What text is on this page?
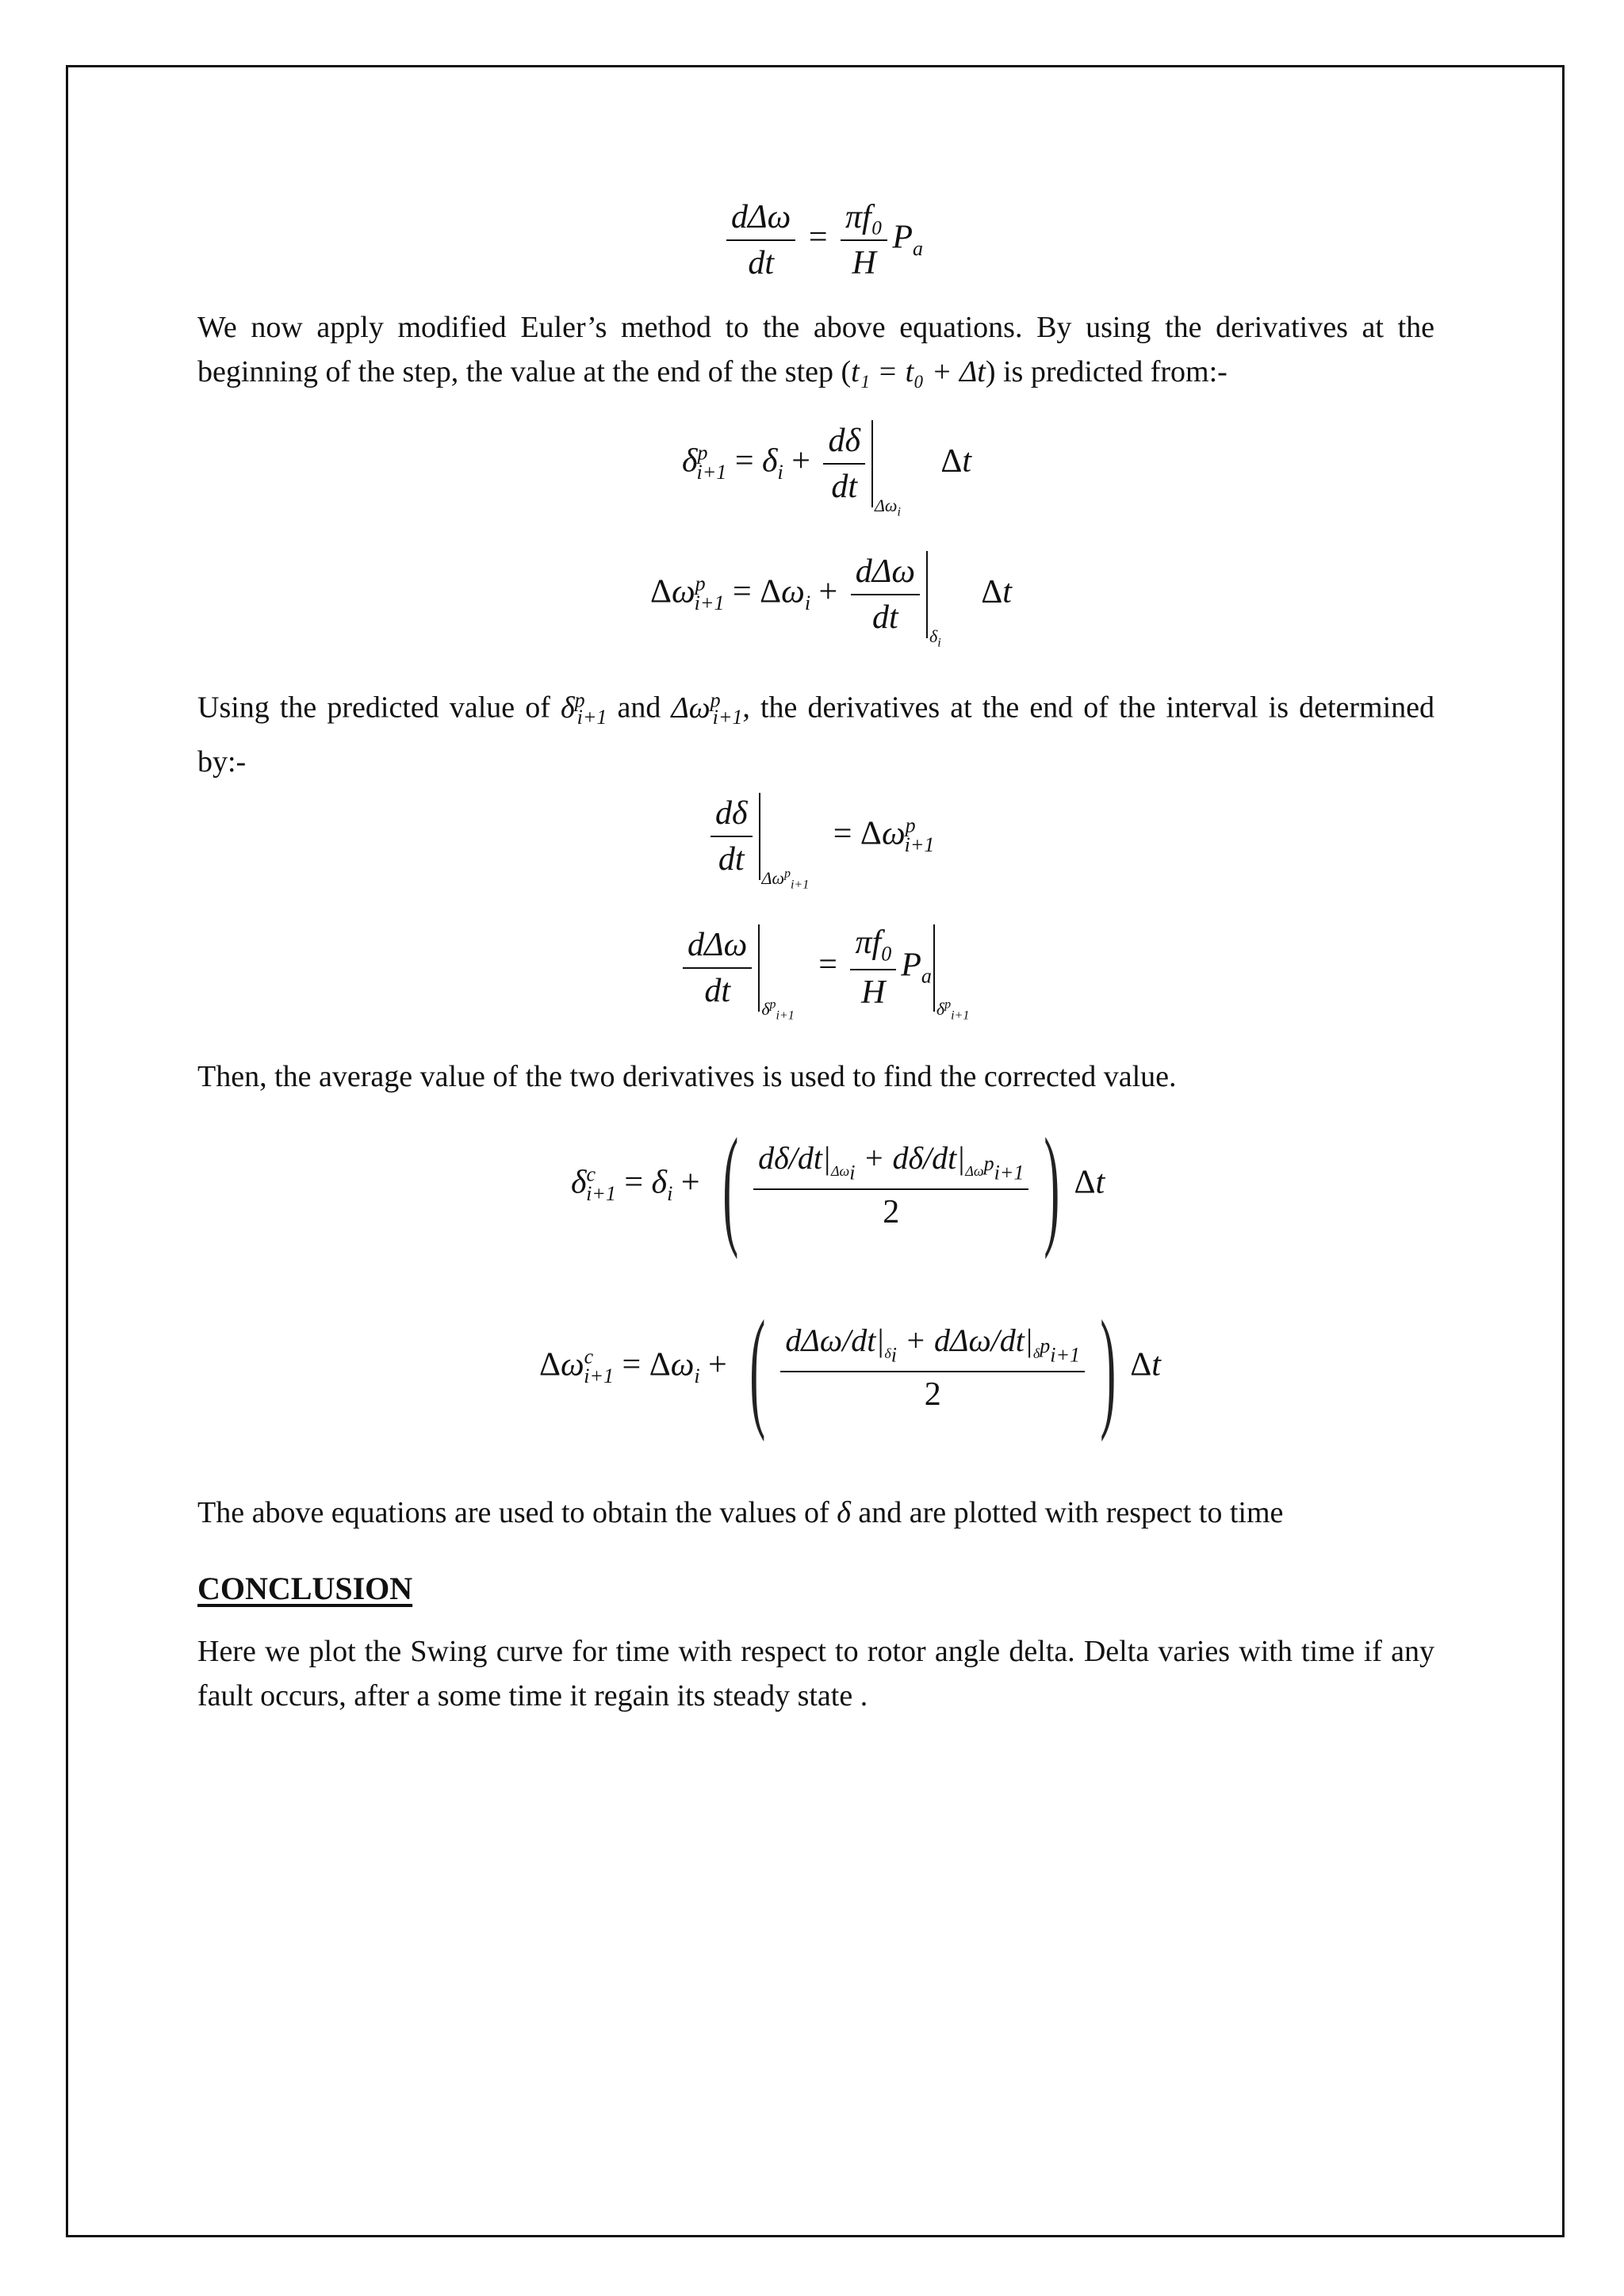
$\frac{\text{dΔω}}{dt} = \frac{\text{πf₀}}{H} P_a$
We now apply modified Euler’s method to the above equations. By using the derivatives at the beginning of the step, the value at the end of the step (t₁ = t₀ + Δt) is predicted from:-
$\delta^p_{i+1} = \delta_i + \frac{d\delta}{dt} _{\Delta\omega_i}$ Δt
$\Delta\omega^p_{i+1} = \Delta\omega_i + \frac{\text{dΔω}}{dt} _{\delta_i}$ Δt
Using the predicted value of $\delta^p_{i+1}$ and $\Delta\omega^p_{i+1}$, the derivatives at the end of the interval is determined by:-
$\frac{d\delta}{dt} _{\Delta\omega^p_{i+1}} = \Delta\omega^p_{i+1}$
$\frac{\text{dΔω}}{dt} _{\delta^p_{i+1}} = \frac{\pi f_0}{H} P_{a\delta^p_{i+1}}$
Then, the average value of the two derivatives is used to find the corrected value.
$\delta^c_{i+1} = \delta_i$ + ( $\frac{d\delta/dt|_{\Delta\omega_i} + d\delta/dt|_{\Delta\omega^p_{i+1}}}{2}$ ) Δt
$\Delta\omega^c_{i+1} = \Delta\omega_i$ + ( $\frac{d\Delta\omega/dt|_{\delta_i} + d\Delta\omega/dt|_{\delta^p_{i+1}}}{2}$ ) Δt
The above equations are used to obtain the values of δ and are plotted with respect to time
CONCLUSION
Here we plot the Swing curve for time with respect to rotor angle delta. Delta varies with time if any fault occurs, after a some time it regain its steady state .
